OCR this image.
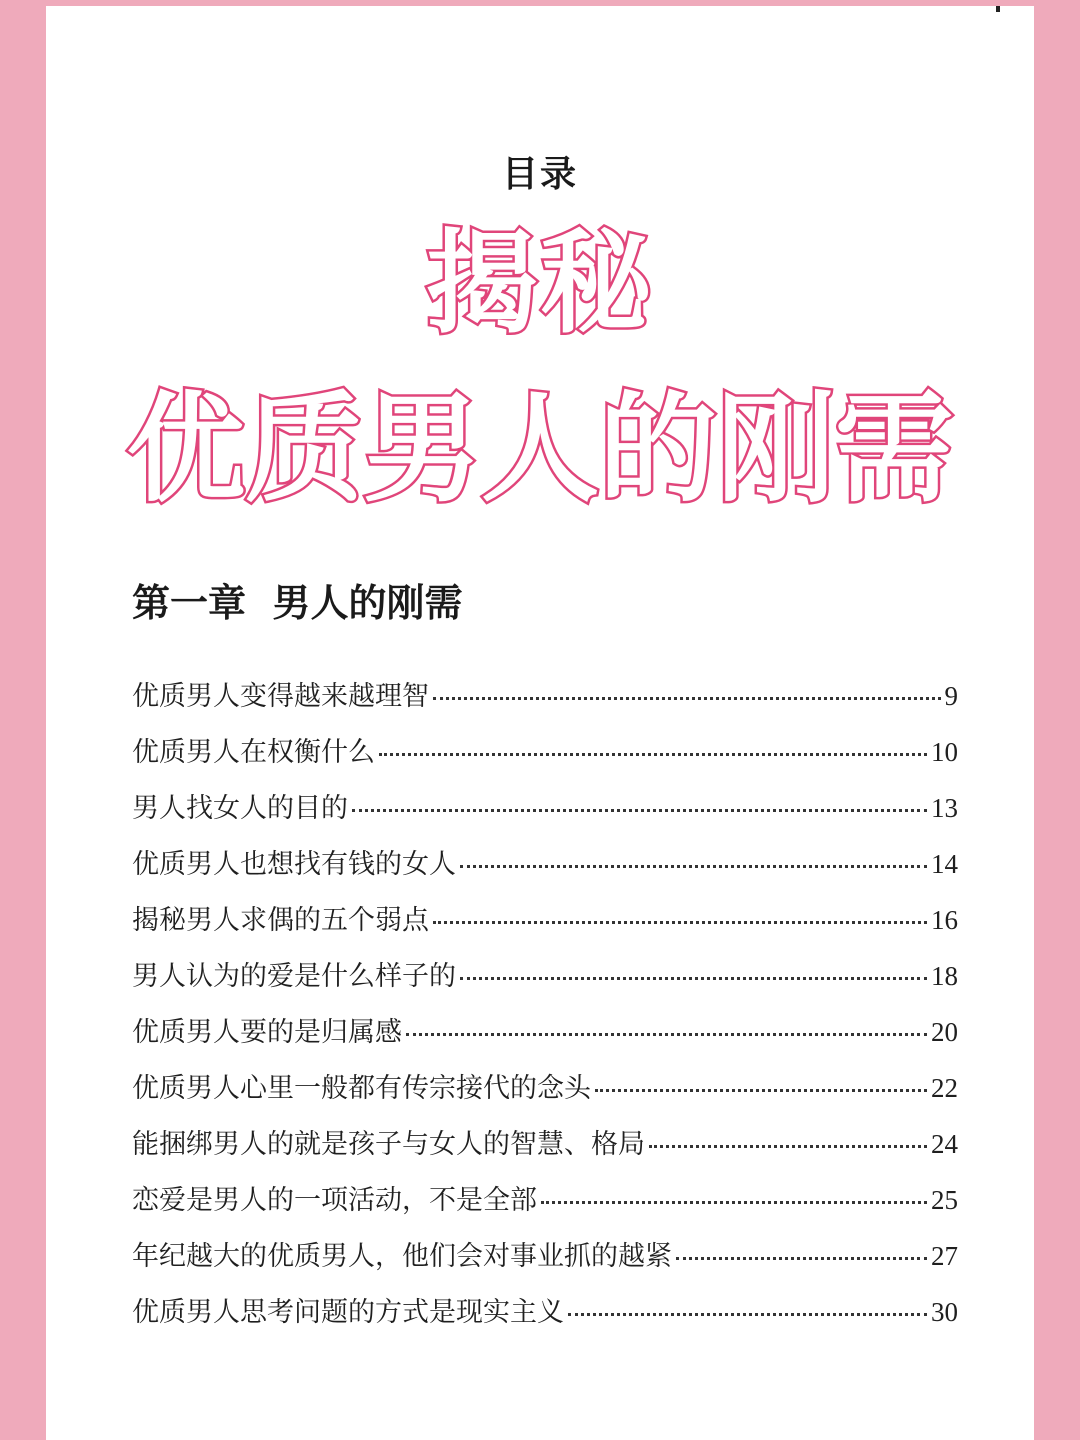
目录
揭秘
优质男人的刚需
第一章  男人的刚需
优质男人变得越来越理智	9
优质男人在权衡什么	10
男人找女人的目的	13
优质男人也想找有钱的女人	14
揭秘男人求偶的五个弱点	16
男人认为的爱是什么样子的	18
优质男人要的是归属感	20
优质男人心里一般都有传宗接代的念头	22
能捆绑男人的就是孩子与女人的智慧、格局	24
恋爱是男人的一项活动，不是全部	25
年纪越大的优质男人，他们会对事业抓的越紧	27
优质男人思考问题的方式是现实主义	30
